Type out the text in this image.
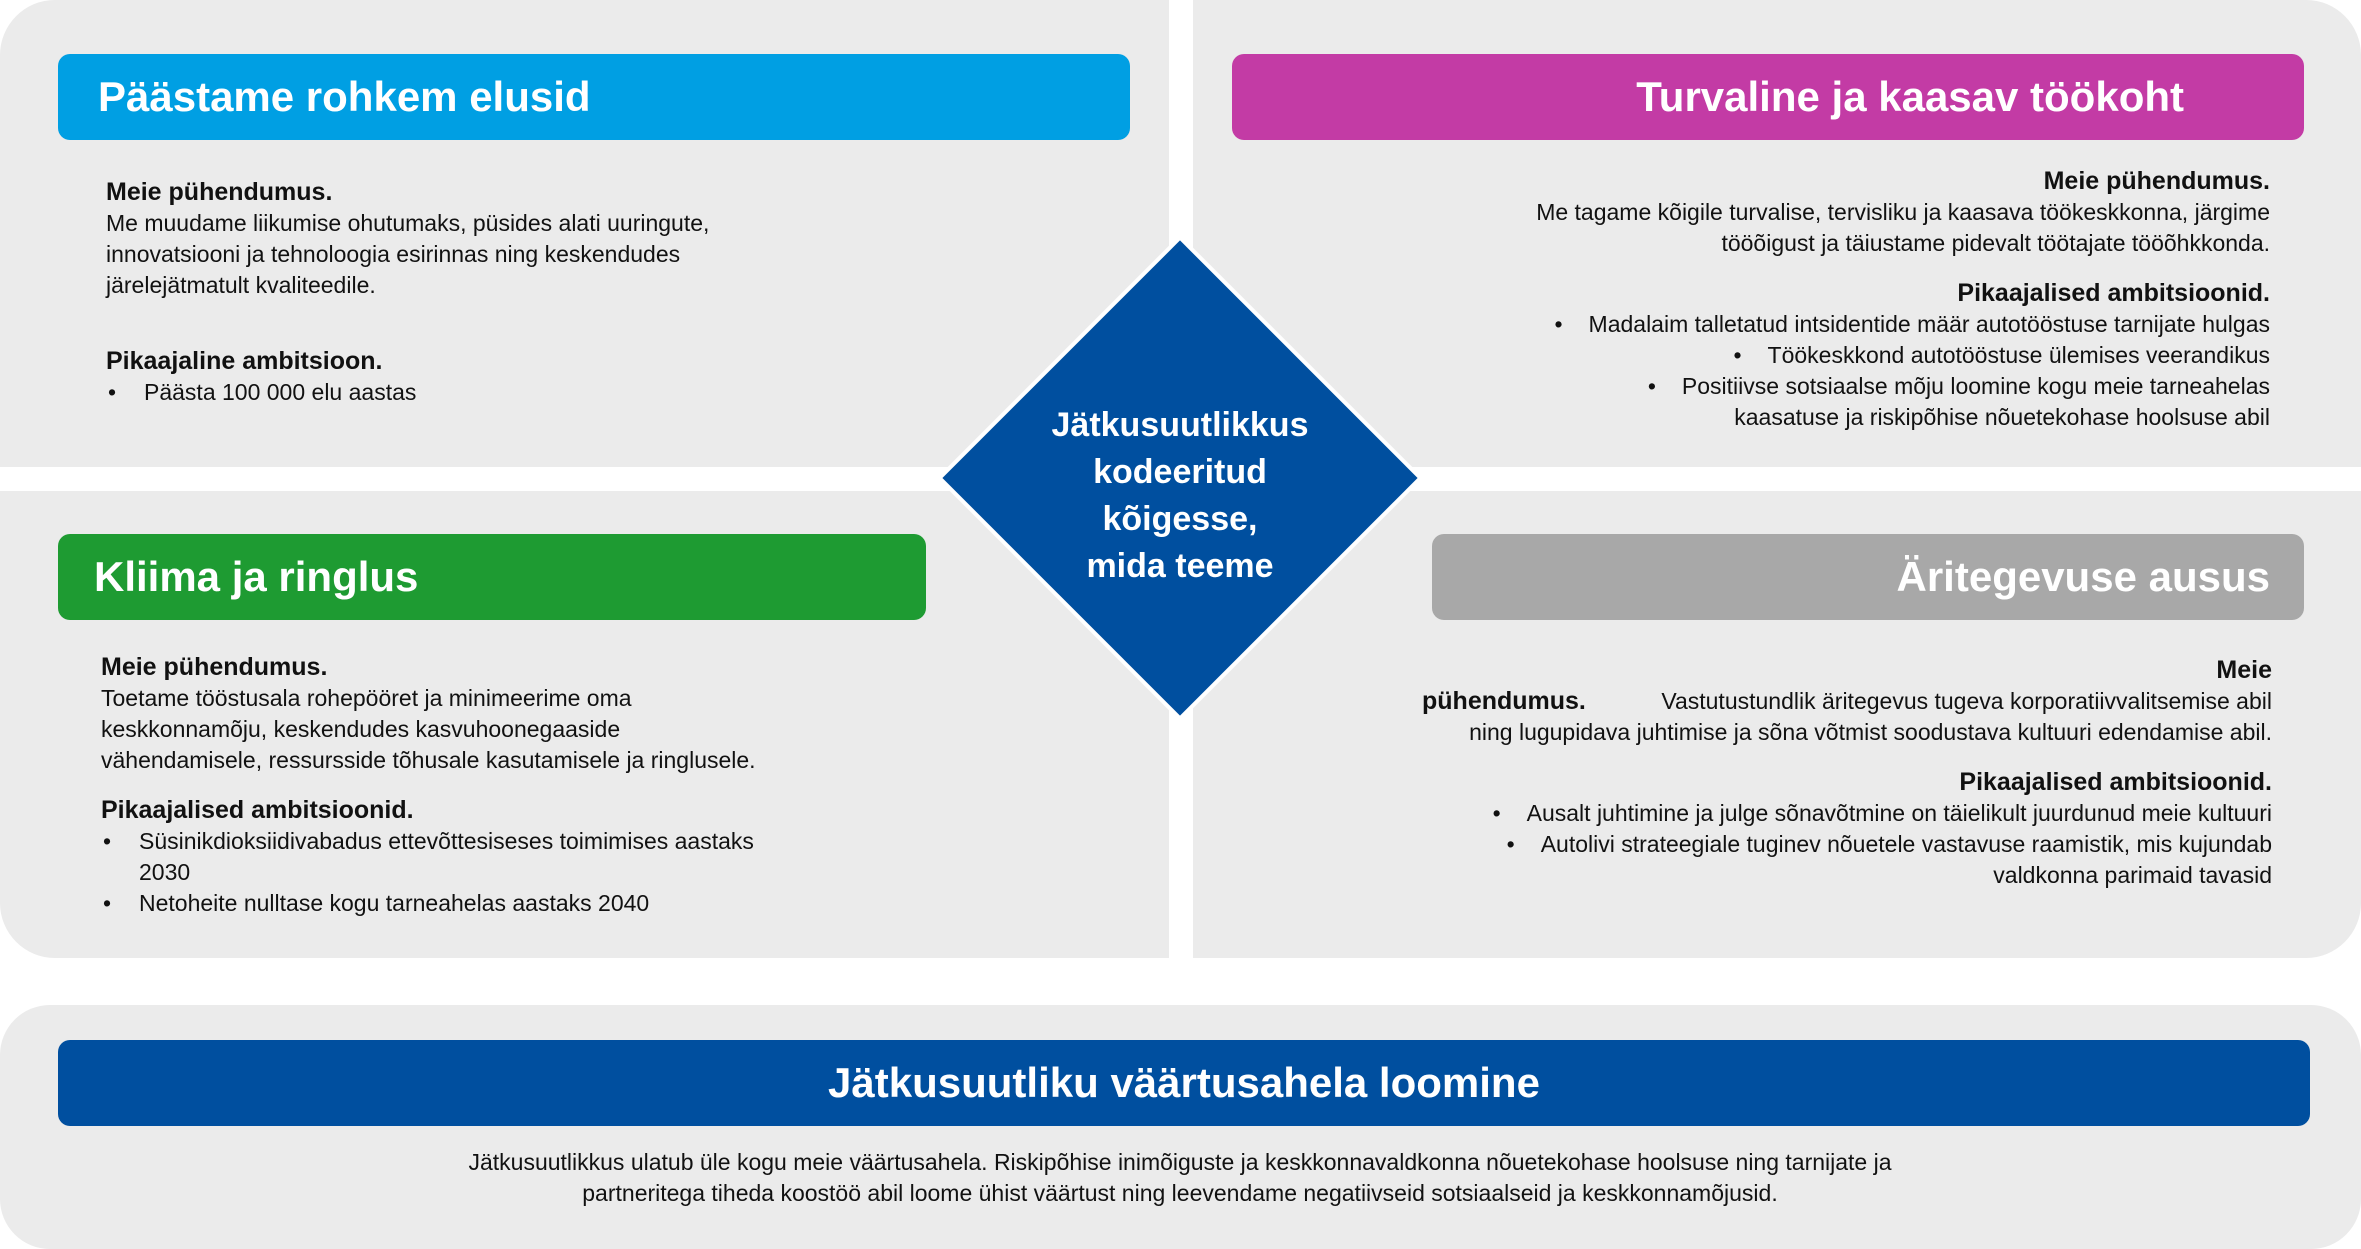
Päästame rohkem elusid	Turvaline ja kaasav töökoht
Kliima ja ringlus	Äritegevuse ausus
Jätkusuutliku väärtusahela loomine
Meie pühendumus.
Me muudame liikumise ohutumaks, püsides alati uuringute,
innovatsiooni ja tehnoloogia esirinnas ning keskendudes
järelejätmatult kvaliteedile.
Pikaajaline ambitsioon.
• Päästa 100 000 elu aastas
Meie pühendumus.
Me tagame kõigile turvalise, tervisliku ja kaasava töökeskkonna, järgime
tööõigust ja täiustame pidevalt töötajate tööõhkkonda.
Pikaajalised ambitsioonid.
• Madalaim talletatud intsidentide määr autotööstuse tarnijate hulgas
• Töökeskkond autotööstuse ülemises veerandikus
• Positiivse sotsiaalse mõju loomine kogu meie tarneahelas
kaasatuse ja riskipõhise nõuetekohase hoolsuse abil
Meie pühendumus.
Toetame tööstusala rohepööret ja minimeerime oma
keskkonnamõju, keskendudes kasvuhoonegaaside
vähendamisele, ressursside tõhusale kasutamisele ja ringlusele.
Pikaajalised ambitsioonid.
• Süsinikdioksiidivabadus ettevõttesiseses toimimises aastaks
2030
• Netoheite nulltase kogu tarneahelas aastaks 2040
Meie
pühendumus.	Vastutustundlik äritegevus tugeva korporatiivvalitsemise abil
ning lugupidava juhtimise ja sõna võtmist soodustava kultuuri edendamise abil.
Pikaajalised ambitsioonid.
• Ausalt juhtimine ja julge sõnavõtmine on täielikult juurdunud meie kultuuri
• Autolivi strateegiale tuginev nõuetele vastavuse raamistik, mis kujundab
valdkonna parimaid tavasid
Jätkusuutlikkus ulatub üle kogu meie väärtusahela. Riskipõhise inimõiguste ja keskkonnavaldkonna nõuetekohase hoolsuse ning tarnijate ja
partneritega tiheda koostöö abil loome ühist väärtust ning leevendame negatiivseid sotsiaalseid ja keskkonnamõjusid.
Jätkusuutlikkus
kodeeritud
kõigesse,
mida teeme
